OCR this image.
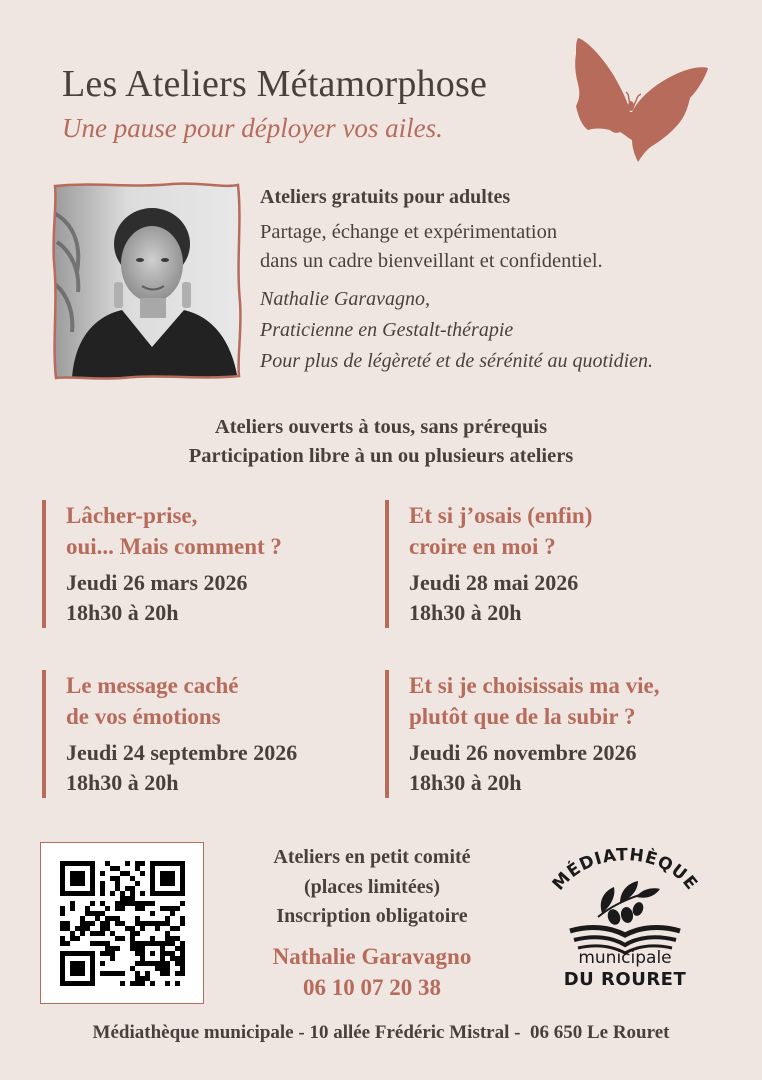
Les Ateliers Métamorphose
Une pause pour déployer vos ailes.
Ateliers gratuits pour adultes
Partage, échange et expérimentation
dans un cadre bienveillant et confidentiel.
Nathalie Garavagno,
Praticienne en Gestalt-thérapie
Pour plus de légèreté et de sérénité au quotidien.
Ateliers ouverts à tous, sans prérequis
Participation libre à un ou plusieurs ateliers
Lâcher-prise,
oui... Mais comment ?
Jeudi 26 mars 2026
18h30 à 20h
Et si j’osais (enfin)
croire en moi ?
Jeudi 28 mai 2026
18h30 à 20h
Le message caché
de vos émotions
Jeudi 24 septembre 2026
18h30 à 20h
Et si je choisissais ma vie,
plutôt que de la subir ?
Jeudi 26 novembre 2026
18h30 à 20h
Ateliers en petit comité
(places limitées)
Inscription obligatoire
Nathalie Garavagno
06 10 07 20 38
MÉDIATHÈQUE
municipale
DU ROURET
Médiathèque municipale - 10 allée Frédéric Mistral -  06 650 Le Rouret
